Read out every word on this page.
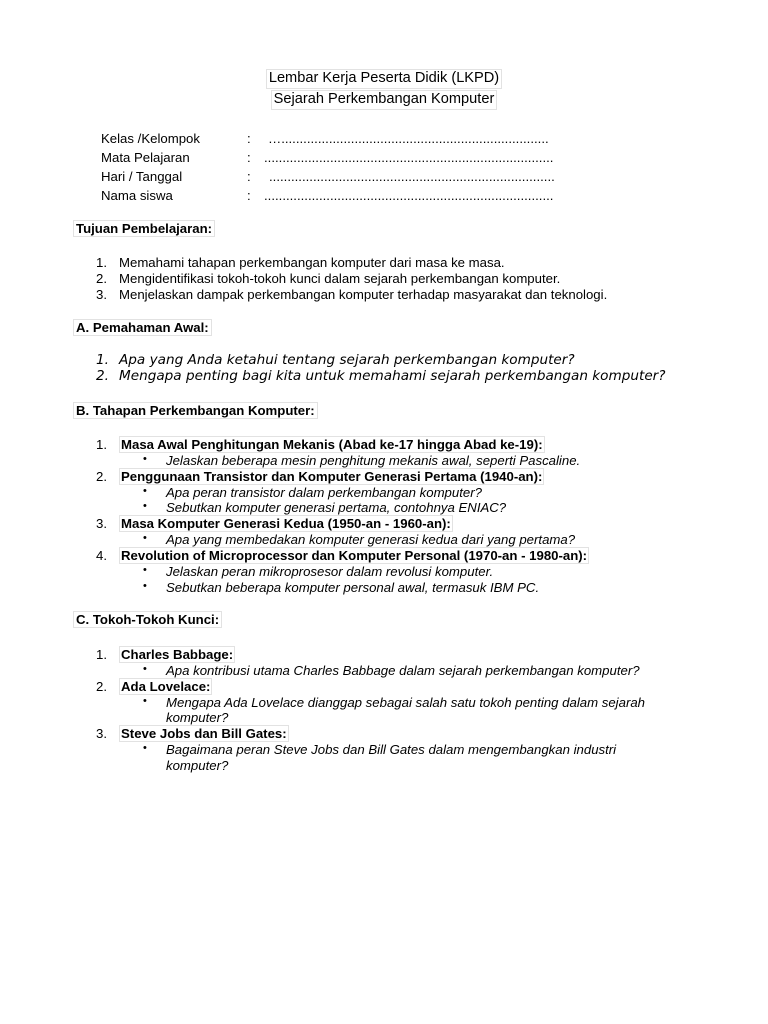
Lembar Kerja Peserta Didik (LKPD)
Sejarah Perkembangan Komputer
Kelas /Kelompok	: ….........................................................................
Mata Pelajaran	: ...............................................................................
Hari / Tanggal	: ..............................................................................
Nama siswa	: ...............................................................................
Tujuan Pembelajaran:
1. Memahami tahapan perkembangan komputer dari masa ke masa.
2. Mengidentifikasi tokoh-tokoh kunci dalam sejarah perkembangan komputer.
3. Menjelaskan dampak perkembangan komputer terhadap masyarakat dan teknologi.
A. Pemahaman Awal:
1. Apa yang Anda ketahui tentang sejarah perkembangan komputer?
2. Mengapa penting bagi kita untuk memahami sejarah perkembangan komputer?
B. Tahapan Perkembangan Komputer:
1. Masa Awal Penghitungan Mekanis (Abad ke-17 hingga Abad ke-19):
• Jelaskan beberapa mesin penghitung mekanis awal, seperti Pascaline.
2. Penggunaan Transistor dan Komputer Generasi Pertama (1940-an):
• Apa peran transistor dalam perkembangan komputer?
• Sebutkan komputer generasi pertama, contohnya ENIAC?
3. Masa Komputer Generasi Kedua (1950-an - 1960-an):
• Apa yang membedakan komputer generasi kedua dari yang pertama?
4. Revolution of Microprocessor dan Komputer Personal (1970-an - 1980-an):
• Jelaskan peran mikroprosesor dalam revolusi komputer.
• Sebutkan beberapa komputer personal awal, termasuk IBM PC.
C. Tokoh-Tokoh Kunci:
1. Charles Babbage:
• Apa kontribusi utama Charles Babbage dalam sejarah perkembangan komputer?
2. Ada Lovelace:
• Mengapa Ada Lovelace dianggap sebagai salah satu tokoh penting dalam sejarah komputer?
3. Steve Jobs dan Bill Gates:
• Bagaimana peran Steve Jobs dan Bill Gates dalam mengembangkan industri komputer?
